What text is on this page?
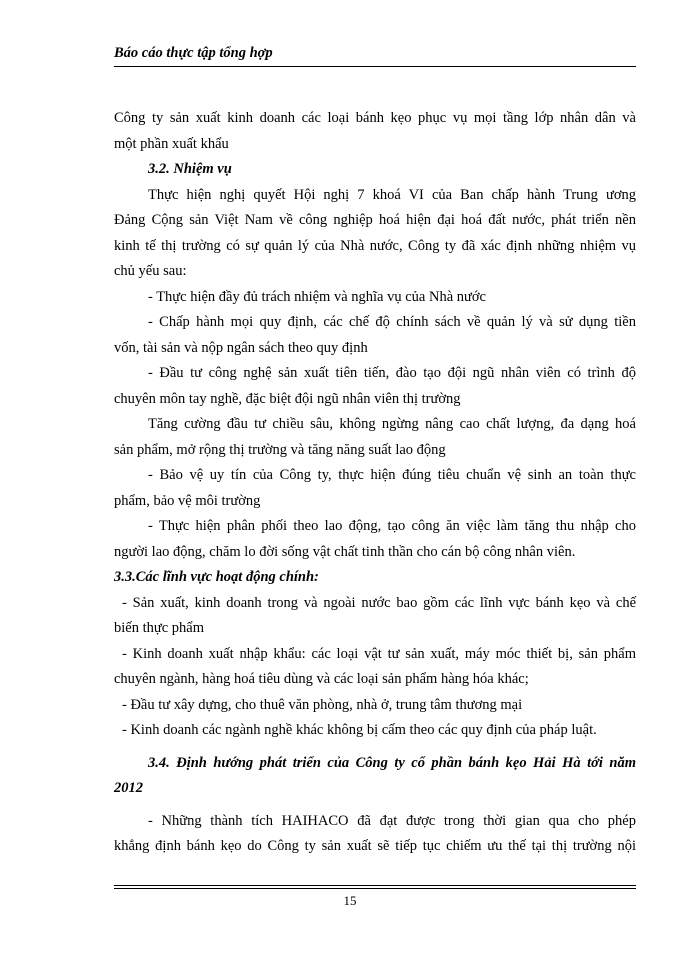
Báo cáo thực tập tổng hợp
Công ty sản xuất kinh doanh các loại bánh kẹo phục vụ mọi tầng lớp nhân dân và
một phần xuất khẩu
3.2. Nhiệm vụ
Thực hiện nghị quyết Hội nghị 7 khoá VI của Ban chấp hành Trung ương
Đảng Cộng sản Việt Nam về công nghiệp hoá hiện đại hoá đất nước, phát triển nền
kinh tế thị trường có sự quản lý của Nhà nước, Công ty đã xác định những nhiệm vụ
chủ yếu sau:
- Thực hiện đầy đủ trách nhiệm và nghĩa vụ của Nhà nước
- Chấp hành mọi quy định, các chế độ chính sách về quản lý và sử dụng tiền
vốn, tài sản và nộp ngân sách theo quy định
- Đầu tư công nghệ sản xuất tiên tiến, đào tạo đội ngũ nhân viên có trình độ
chuyên môn tay nghề, đặc biệt đội ngũ nhân viên thị trường
Tăng cường đầu tư chiều sâu, không ngừng nâng cao chất lượng, đa dạng hoá
sản phẩm, mở rộng thị trường và tăng năng suất lao động
- Bảo vệ uy tín của Công ty, thực hiện đúng tiêu chuẩn vệ sinh an toàn thực
phẩm, bảo vệ môi trường
- Thực hiện phân phối theo lao động, tạo công ăn việc làm tăng thu nhập cho
người lao động, chăm lo đời sống vật chất tinh thần cho cán bộ công nhân viên.
3.3.Các lĩnh vực hoạt động chính:
- Sản xuất, kinh doanh trong và ngoài nước bao gồm các lĩnh vực bánh kẹo và chế
biến thực phẩm
- Kinh doanh xuất nhập khẩu: các loại vật tư sản xuất, máy móc thiết bị, sản phẩm
chuyên ngành, hàng hoá tiêu dùng và các loại sản phẩm hàng hóa khác;
- Đầu tư xây dựng, cho thuê văn phòng, nhà ở, trung tâm thương mại
- Kinh doanh các ngành nghề khác không bị cấm theo các quy định của pháp luật.
3.4. Định hướng phát triển của Công ty cổ phần bánh kẹo Hải Hà tới năm
2012
- Những thành tích HAIHACO đã đạt được trong thời gian qua cho phép
khẳng định bánh kẹo do Công ty sản xuất sẽ tiếp tục chiếm ưu thế tại thị trường nội
15
